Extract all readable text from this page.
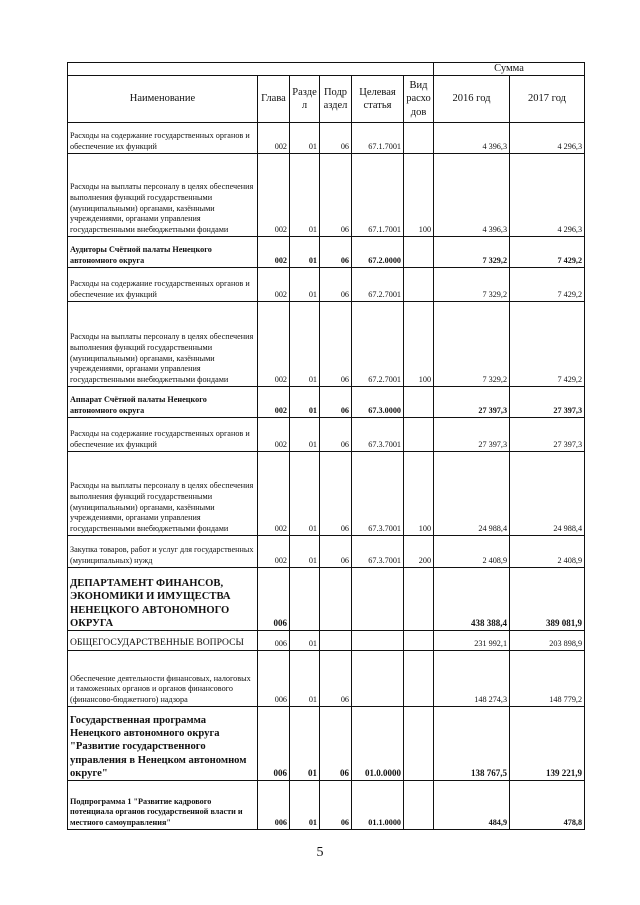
						Сумма	
Наименование	Глава	Раздел	Подраздел	Целевая статья	Вид расходов	2016 год	2017 год
Расходы на содержание государственных органов и обеспечение их функций	002	01	06	67.1.7001		4 396,3	4 296,3
Расходы на выплаты персоналу в целях обеспечения выполнения функций государственными (муниципальными) органами, казёнными учреждениями, органами управления государственными внебюджетными фондами	002	01	06	67.1.7001	100	4 396,3	4 296,3
Аудиторы Счётной палаты Ненецкого автономного округа	002	01	06	67.2.0000		7 329,2	7 429,2
Расходы на содержание государственных органов и обеспечение их функций	002	01	06	67.2.7001		7 329,2	7 429,2
Расходы на выплаты персоналу в целях обеспечения выполнения функций государственными (муниципальными) органами, казёнными учреждениями, органами управления государственными внебюджетными фондами	002	01	06	67.2.7001	100	7 329,2	7 429,2
Аппарат Счётной палаты Ненецкого автономного округа	002	01	06	67.3.0000		27 397,3	27 397,3
Расходы на содержание государственных органов и обеспечение их функций	002	01	06	67.3.7001		27 397,3	27 397,3
Расходы на выплаты персоналу в целях обеспечения выполнения функций государственными (муниципальными) органами, казёнными учреждениями, органами управления государственными внебюджетными фондами	002	01	06	67.3.7001	100	24 988,4	24 988,4
Закупка товаров, работ и услуг для государственных (муниципальных) нужд	002	01	06	67.3.7001	200	2 408,9	2 408,9
ДЕПАРТАМЕНТ ФИНАНСОВ, ЭКОНОМИКИ И ИМУЩЕСТВА НЕНЕЦКОГО АВТОНОМНОГО ОКРУГА	006					438 388,4	389 081,9
ОБЩЕГОСУДАРСТВЕННЫЕ ВОПРОСЫ	006	01				231 992,1	203 898,9
Обеспечение деятельности финансовых, налоговых и таможенных органов и органов финансового (финансово-бюджетного) надзора	006	01	06			148 274,3	148 779,2
Государственная программа Ненецкого автономного округа "Развитие государственного управления в Ненецком автономном округе"	006	01	06	01.0.0000		138 767,5	139 221,9
Подпрограмма 1 "Развитие кадрового потенциала органов государственной власти и местного самоуправления"	006	01	06	01.1.0000		484,9	478,8
5
